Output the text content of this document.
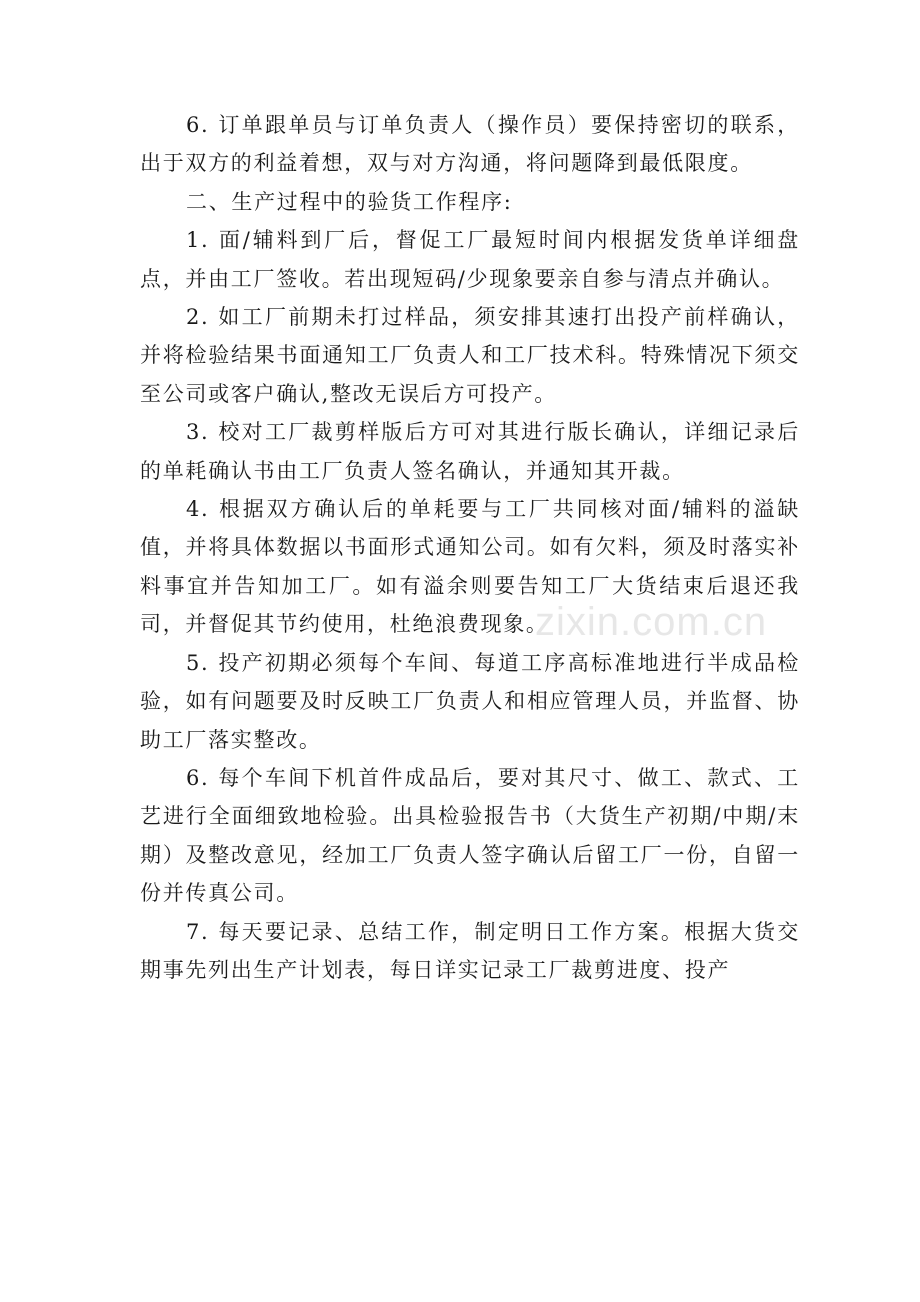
6. 订单跟单员与订单负责人（操作员）要保持密切的联系，出于双方的利益着想，双与对方沟通，将问题降到最低限度。

二、生产过程中的验货工作程序:

1. 面/辅料到厂后，督促工厂最短时间内根据发货单详细盘点，并由工厂签收。若出现短码/少现象要亲自参与清点并确认。

2. 如工厂前期未打过样品，须安排其速打出投产前样确认，并将检验结果书面通知工厂负责人和工厂技术科。特殊情况下须交至公司或客户确认,整改无误后方可投产。

3. 校对工厂裁剪样版后方可对其进行版长确认，详细记录后的单耗确认书由工厂负责人签名确认，并通知其开裁。

4. 根据双方确认后的单耗要与工厂共同核对面/辅料的溢缺值，并将具体数据以书面形式通知公司。如有欠料，须及时落实补料事宜并告知加工厂。如有溢余则要告知工厂大货结束后退还我司，并督促其节约使用，杜绝浪费现象。

5. 投产初期必须每个车间、每道工序高标准地进行半成品检验，如有问题要及时反映工厂负责人和相应管理人员，并监督、协助工厂落实整改。

6. 每个车间下机首件成品后，要对其尺寸、做工、款式、工艺进行全面细致地检验。出具检验报告书（大货生产初期/中期/末期）及整改意见，经加工厂负责人签字确认后留工厂一份，自留一份并传真公司。

7. 每天要记录、总结工作，制定明日工作方案。根据大货交期事先列出生产计划表，每日详实记录工厂裁剪进度、投产

zixin.com.cn
